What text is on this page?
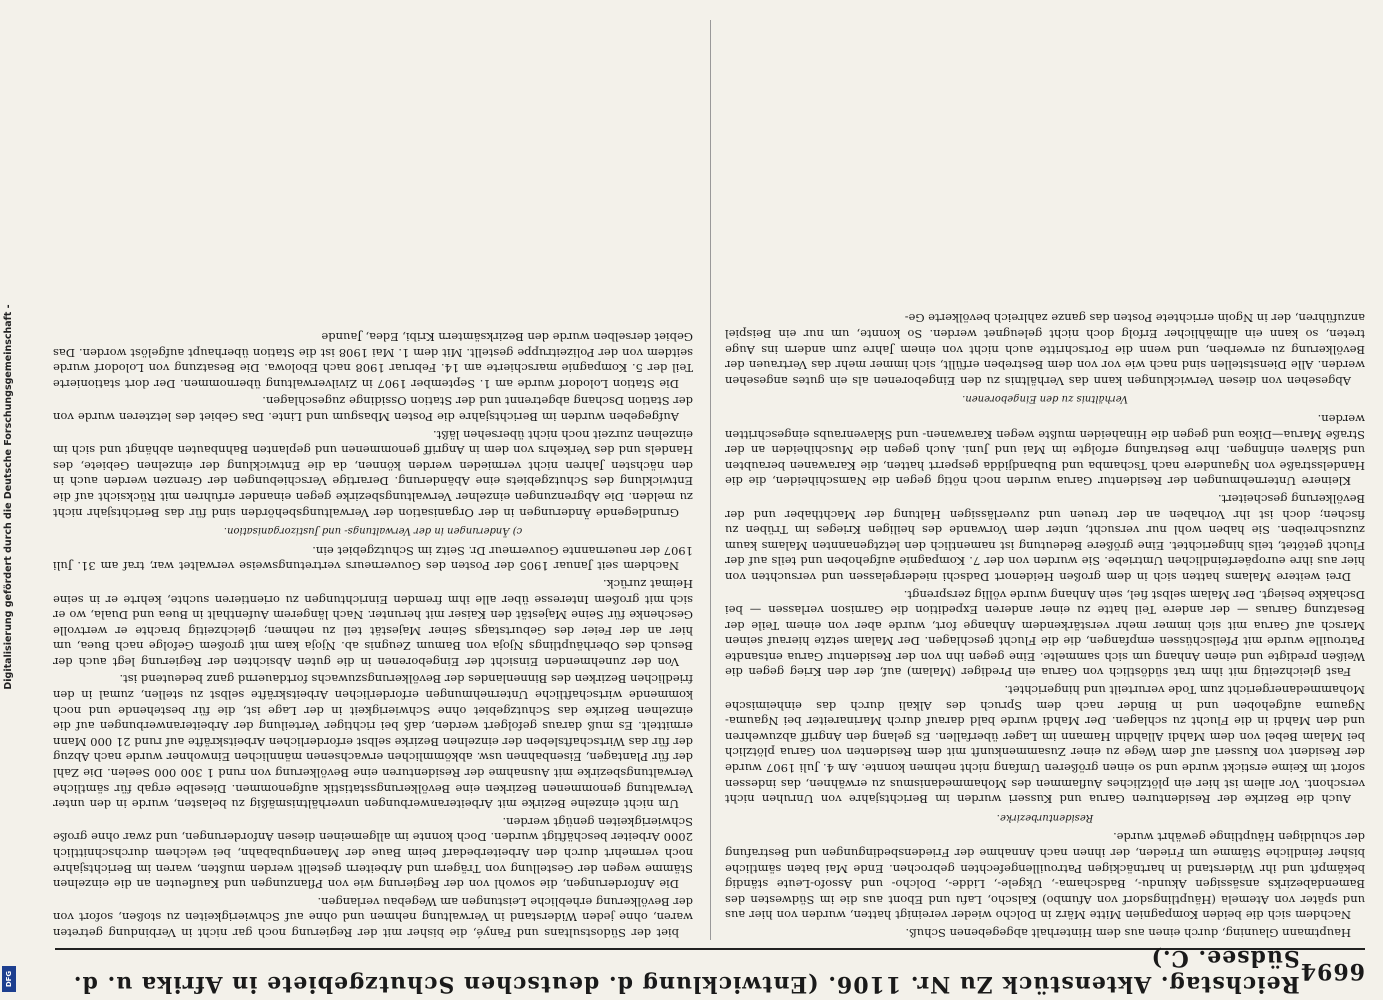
6694
Reichstag. Aktenstück Zu Nr. 1106. (Entwicklung d. deutschen Schutzgebiete in Afrika u. d. Südsee. C.)

Hauptmann Glauning, durch einen aus dem Hinterhalt abgegebenen Schuß.

Nachdem sich die beiden Kompagnien Mitte März in Dolcho wieder vereinigt hatten, wurden von hier aus und später von Atemela (Häuptlingsdorf von Afumbo) Kalscho, Lafu und Ebont aus die im Südwesten des Bamendabezirks ansässigen Akundu-, Badschama-, Ukgele-, Lidde-, Dolcho- und Assofo-Leute ständig bekämpft und ihr Widerstand in hartnäckigen Patrouillengefechten gebrochen. Ende Mai baten sämtliche bisher feindliche Stämme um Frieden, der ihnen nach Annahme der Friedensbedingungen und Bestrafung der schuldigen Häuptlinge gewährt wurde.

Residenturbezirke.

Auch die Bezirke der Residenturen Garua und Kusseri wurden im Berichtsjahre von Unruhen nicht verschont. Vor allem ist hier ein plötzliches Auflammen des Mohammedanismus zu erwähnen, das indessen sofort im Keime erstickt wurde und so einen größeren Umfang nicht nehmen konnte. Am 4. Juli 1907 wurde der Resident von Kusseri auf dem Wege zu einer Zusammenkunft mit dem Residenten von Garua plötzlich bei Malam Bebel von dem Mahdi Allahdin Hamann im Lager überfallen. Es gelang den Angriff abzuwehren und den Mahdi in die Flucht zu schlagen. Der Mahdi wurde bald darauf durch Marinareiter bei Ngauma-Ngauma aufgehoben und in Binder nach dem Spruch des Alkali durch das einheimische Mohammedanergericht zum Tode verurteilt und hingerichtet.

Fast gleichzeitig mit ihm trat südöstlich von Garua ein Prediger (Malam) auf, der den Krieg gegen die Weißen predigte und einen Anhang um sich sammelte. Eine gegen ihn von der Residentur Garua entsandte Patrouille wurde mit Pfeilschüssen empfangen, die die Flucht geschlagen. Der Malam setzte hierauf seinen Marsch auf Garua mit sich immer mehr verstärkendem Anhange fort, wurde aber von einem Teile der Besatzung Garuas — der andere Teil hatte zu einer anderen Expedition die Garnison verlassen — bei Dschakke besiegt. Der Malam selbst fiel, sein Anhang wurde völlig zersprengt.

Drei weitere Malams hatten sich in dem großen Heidenort Dadschi niedergelassen und versuchten von hier aus ihre europäerfeindlichen Umtriebe. Sie wurden von der 7. Kompagnie aufgehoben und teils auf der Flucht getötet, teils hingerichtet. Eine größere Bedeutung ist namentlich den letztgenannten Malams kaum zuzuschreiben. Sie haben wohl nur versucht, unter dem Vorwande des heiligen Krieges im Trüben zu fischen; doch ist ihr Vorhaben an der treuen und zuverlässigen Haltung der Machthaber und der Bevölkerung gescheitert.

Kleinere Unternehmungen der Residentur Garua wurden noch nötig gegen die Namschiheiden, die die Handelsstraße von Ngaundere nach Tschamba und Bubandjidda gesperrt hatten, die Karawanen beraubten und Sklaven einfingen. Ihre Bestrafung erfolgte im Mai und Juni. Auch gegen die Muschiheiden an der Straße Marua—Dikoa und gegen die Hinaheiden mußte wegen Karawanen- und Sklavenraubs eingeschritten werden.

Verhältnis zu den Eingeborenen.

Abgesehen von diesen Verwicklungen kann das Verhältnis zu den Eingeborenen als ein gutes angesehen werden. Alle Dienststellen sind nach wie vor von dem Bestreben erfüllt, sich immer mehr das Vertrauen der Bevölkerung zu erwerben, und wenn die Fortschritte auch nicht von einem Jahre zum andern ins Auge treten, so kann ein allmählicher Erfolg doch nicht geleugnet werden. So konnte, um nur ein Beispiel anzuführen, der in Ngoin errichtete Posten das ganze zahlreich bevölkerte Ge-

biet der Südostsultans und Fanyé, die bisher mit der Regierung noch gar nicht in Verbindung getreten waren, ohne jeden Widerstand in Verwaltung nehmen und ohne auf Schwierigkeiten zu stoßen, sofort von der Bevölkerung erhebliche Leistungen am Wegebau verlangen.

Die Anforderungen, die sowohl von der Regierung wie von Pflanzungen und Kaufleuten an die einzelnen Stämme wegen der Gestellung von Trägern und Arbeitern gestellt werden mußten, waren im Berichtsjahre noch vermehrt durch den Arbeiterbedarf beim Baue der Manengubabahn, bei welchem durchschnittlich 2000 Arbeiter beschäftigt wurden. Doch konnte im allgemeinen diesen Anforderungen, und zwar ohne große Schwierigkeiten genügt werden.

Um nicht einzelne Bezirke mit Arbeiteranwerbungen unverhältnismäßig zu belasten, wurde in den unter Verwaltung genommenen Bezirken eine Bevölkerungsstatistik aufgenommen. Dieselbe ergab für sämtliche Verwaltungsbezirke mit Ausnahme der Residenturen eine Bevölkerung von rund 1 300 000 Seelen. Die Zahl der für Plantagen, Eisenbahnen usw. abkömmlichen erwachsenen männlichen Einwohner wurde nach Abzug der für das Wirtschaftsleben der einzelnen Bezirke selbst erforderlichen Arbeitskräfte auf rund 21 000 Mann ermittelt. Es muß daraus gefolgert werden, daß bei richtiger Verteilung der Arbeiteranwerbungen auf die einzelnen Bezirke das Schutzgebiet ohne Schwierigkeit in der Lage ist, die für bestehende und noch kommende wirtschaftliche Unternehmungen erforderlichen Arbeitskräfte selbst zu stellen, zumal in den friedlichen Bezirken des Binnenlandes der Bevölkerungszuwachs fortdauernd ganz bedeutend ist.

Von der zunehmenden Einsicht der Eingeborenen in die guten Absichten der Regierung legt auch der Besuch des Oberhäuptlings Njoja von Bamum Zeugnis ab. Njoja kam mit großem Gefolge nach Buea, um hier an der Feier des Geburtstags Seiner Majestät teil zu nehmen; gleichzeitig brachte er wertvolle Geschenke für Seine Majestät den Kaiser mit herunter. Nach längerem Aufenthalt in Buea und Duala, wo er sich mit großem Interesse über alle ihm fremden Einrichtungen zu orientieren suchte, kehrte er in seine Heimat zurück.

Nachdem seit Januar 1905 der Posten des Gouverneurs vertretungsweise verwaltet war, traf am 31. Juli 1907 der neuernannte Gouverneur Dr. Seitz im Schutzgebiet ein.

c) Änderungen in der Verwaltungs- und Justizorganisation.

Grundlegende Änderungen in der Organisation der Verwaltungsbehörden sind für das Berichtsjahr nicht zu melden. Die Abgrenzungen einzelner Verwaltungsbezirke gegen einander erfuhren mit Rücksicht auf die Entwicklung des Schutzgebiets eine Abänderung. Derartige Verschiebungen der Grenzen werden auch in den nächsten Jahren nicht vermieden werden können, da die Entwicklung der einzelnen Gebiete, des Handels und des Verkehrs von dem in Angriff genommenen und geplanten Bahnbauten abhängt und sich im einzelnen zurzeit noch nicht übersehen läßt.

Aufgegeben wurden im Berichtsjahre die Posten Mbasgum und Linte. Das Gebiet des letzteren wurde von der Station Dschang abgetrennt und der Station Ossidinge zugeschlagen.

Die Station Lolodorf wurde am 1. September 1907 in Zivilverwaltung übernommen. Der dort stationierte Teil der 5. Kompagnie marschierte am 14. Februar 1908 nach Ebolowa. Die Besatzung von Lolodorf wurde seitdem von der Polizeitruppe gestellt. Mit dem 1. Mai 1908 ist die Station überhaupt aufgelöst worden. Das Gebiet derselben wurde den Bezirksämtern Kribi, Edea, Jaunde

Digitalisierung gefördert durch die Deutsche Forschungsgemeinschaft -
DFG
